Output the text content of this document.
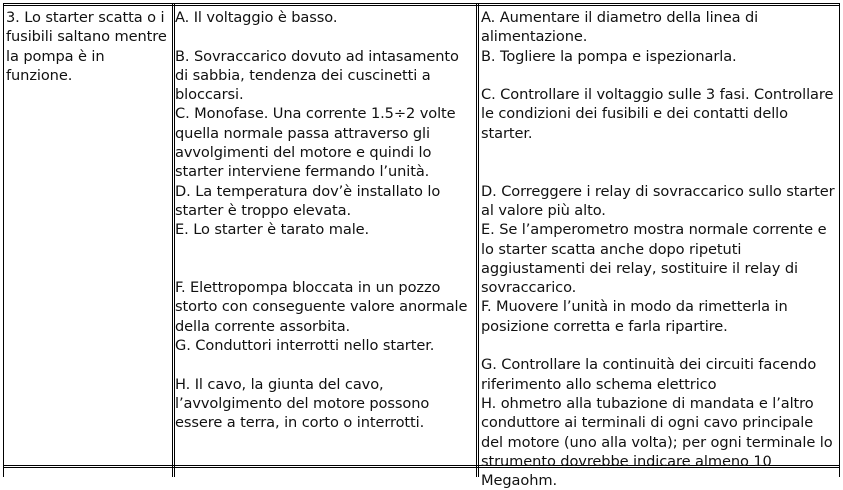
3. Lo starter scatta o i fusibili saltano mentre la pompa è in funzione.

A. Il voltaggio è basso.

B. Sovraccarico dovuto ad intasamento di sabbia, tendenza dei cuscinetti a bloccarsi.

C. Monofase. Una corrente 1.5÷2 volte quella normale passa attraverso gli avvolgimenti del motore e quindi lo starter interviene fermando l’unità.

D. La temperatura dov’è installato lo starter è troppo elevata.

E. Lo starter è tarato male.

F. Elettropompa bloccata in un pozzo storto con conseguente valore anormale della corrente assorbita.

G. Conduttori interrotti nello starter.

H. Il cavo, la giunta del cavo, l’avvolgimento del motore possono essere a terra, in corto o interrotti.

A. Aumentare il diametro della linea di alimentazione.

B. Togliere la pompa e ispezionarla.

C. Controllare il voltaggio sulle 3 fasi. Controllare le condizioni dei fusibili e dei contatti dello starter.

D. Correggere i relay di sovraccarico sullo starter al valore più alto.

E. Se l’amperometro mostra normale corrente e lo starter scatta anche dopo ripetuti aggiustamenti dei relay, sostituire il relay di sovraccarico.

F. Muovere l’unità in modo da rimetterla in posizione corretta e farla ripartire.

G. Controllare la continuità dei circuiti facendo riferimento allo schema elettrico

H. ohmetro alla tubazione di mandata e l’altro conduttore ai terminali di ogni cavo principale del motore (uno alla volta); per ogni terminale lo strumento dovrebbe indicare almeno 10 Megaohm.
